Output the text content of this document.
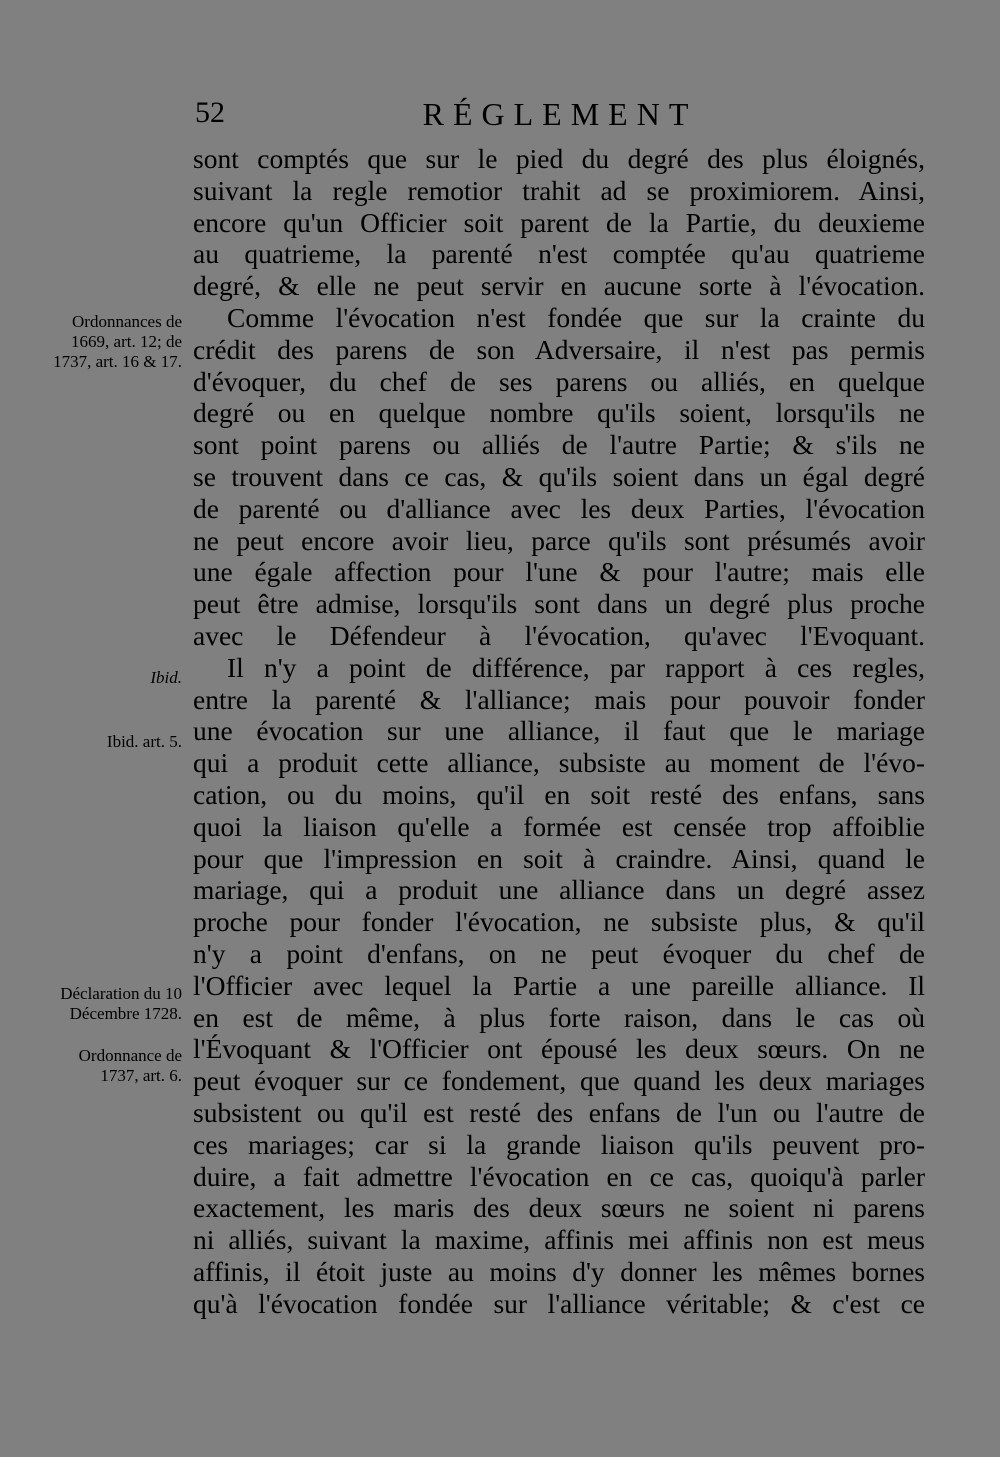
52	RÉGLEMENT
Ordonnances de
1669, art. 12; de
1737, art. 16 & 17.
Ibid.
Ibid. art. 5.
Déclaration du 10
Décembre 1728.
Ordonnance de
1737, art. 6.
sont comptés que sur le pied du degré des plus éloignés,
suivant la regle remotior trahit ad se proximiorem. Ainsi,
encore qu'un Officier soit parent de la Partie, du deuxieme
au quatrieme, la parenté n'est comptée qu'au quatrieme
degré, & elle ne peut servir en aucune sorte à l'évocation.
Comme l'évocation n'est fondée que sur la crainte du
crédit des parens de son Adversaire, il n'est pas permis
d'évoquer, du chef de ses parens ou alliés, en quelque
degré ou en quelque nombre qu'ils soient, lorsqu'ils ne
sont point parens ou alliés de l'autre Partie; & s'ils ne
se trouvent dans ce cas, & qu'ils soient dans un égal degré
de parenté ou d'alliance avec les deux Parties, l'évocation
ne peut encore avoir lieu, parce qu'ils sont présumés avoir
une égale affection pour l'une & pour l'autre; mais elle
peut être admise, lorsqu'ils sont dans un degré plus proche
avec le Défendeur à l'évocation, qu'avec l'Evoquant.
Il n'y a point de différence, par rapport à ces regles,
entre la parenté & l'alliance; mais pour pouvoir fonder
une évocation sur une alliance, il faut que le mariage
qui a produit cette alliance, subsiste au moment de l'évo-
cation, ou du moins, qu'il en soit resté des enfans, sans
quoi la liaison qu'elle a formée est censée trop affoiblie
pour que l'impression en soit à craindre. Ainsi, quand le
mariage, qui a produit une alliance dans un degré assez
proche pour fonder l'évocation, ne subsiste plus, & qu'il
n'y a point d'enfans, on ne peut évoquer du chef de
l'Officier avec lequel la Partie a une pareille alliance. Il
en est de même, à plus forte raison, dans le cas où
l'Évoquant & l'Officier ont épousé les deux sœurs. On ne
peut évoquer sur ce fondement, que quand les deux mariages
subsistent ou qu'il est resté des enfans de l'un ou l'autre de
ces mariages; car si la grande liaison qu'ils peuvent pro-
duire, a fait admettre l'évocation en ce cas, quoiqu'à parler
exactement, les maris des deux sœurs ne soient ni parens
ni alliés, suivant la maxime, affinis mei affinis non est meus
affinis, il étoit juste au moins d'y donner les mêmes bornes
qu'à l'évocation fondée sur l'alliance véritable; & c'est ce
